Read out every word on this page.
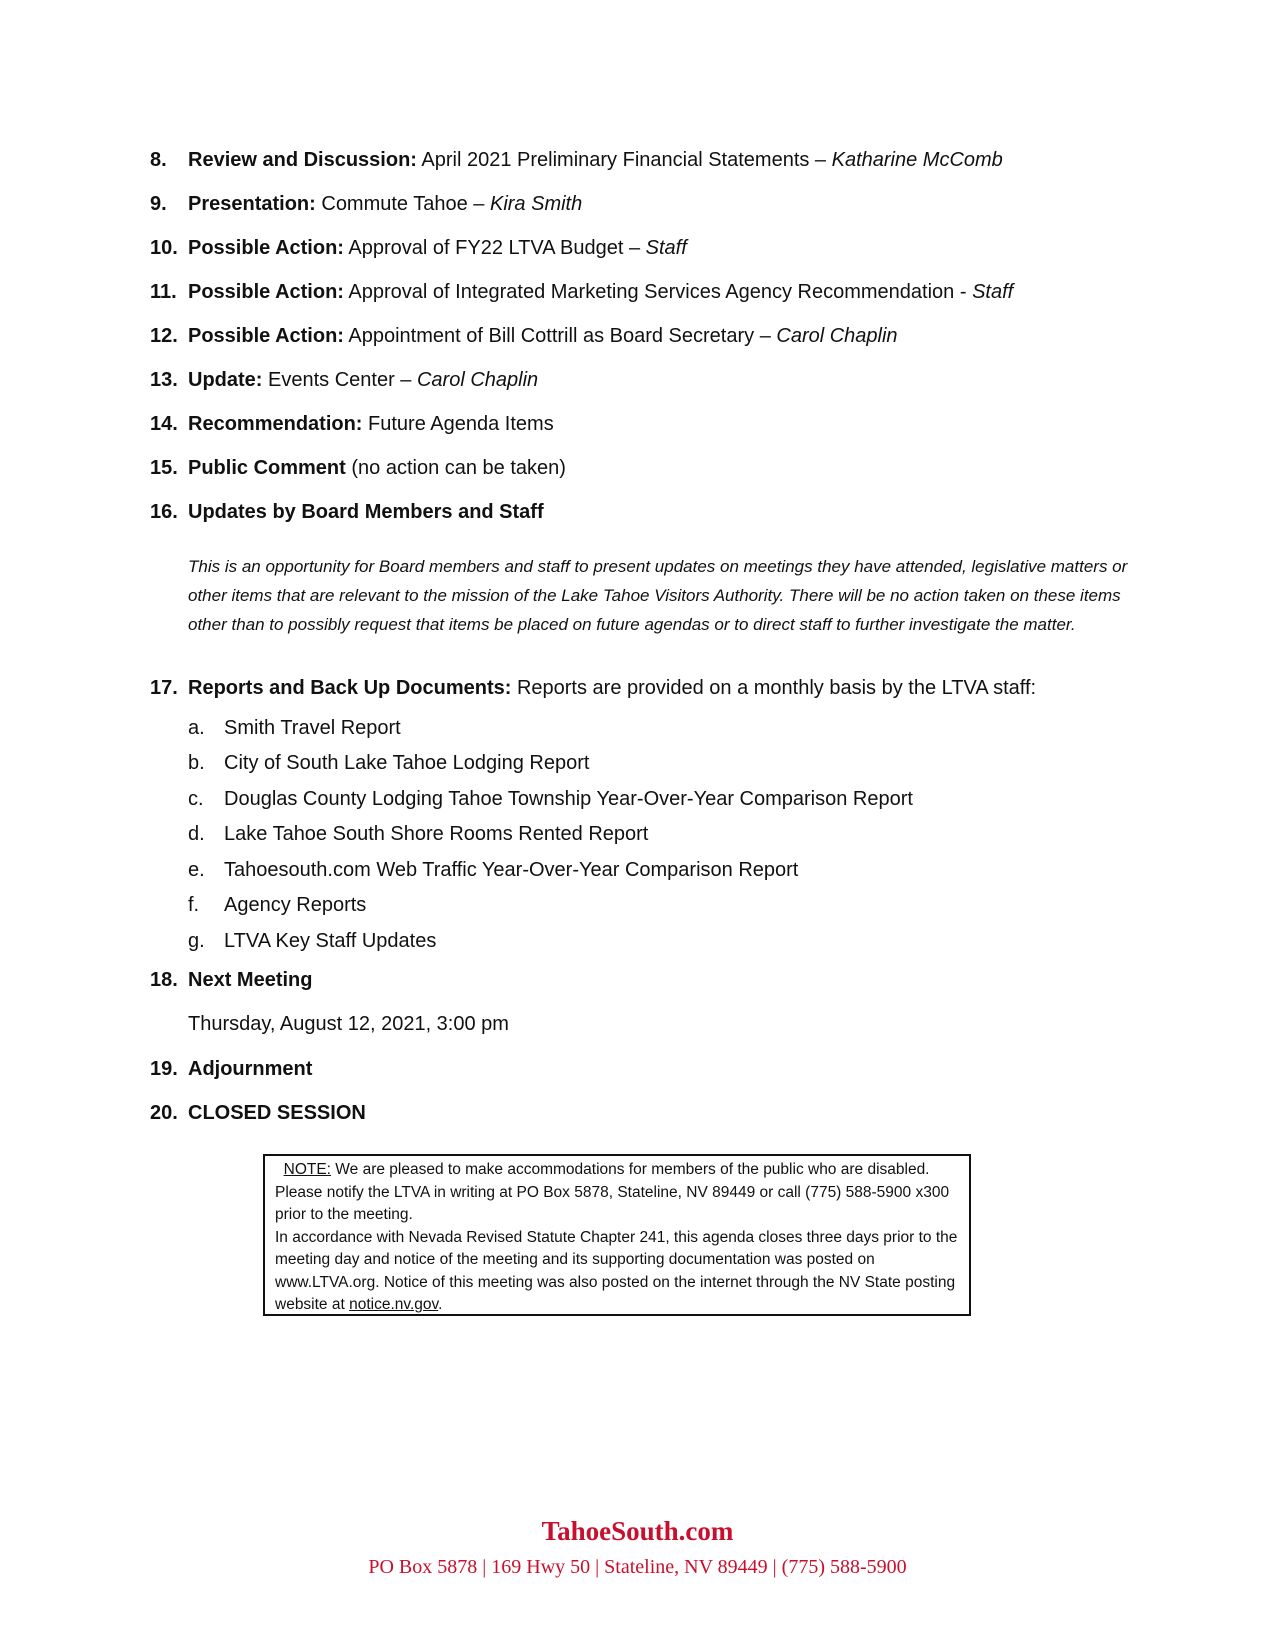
8. Review and Discussion: April 2021 Preliminary Financial Statements – Katharine McComb
9. Presentation: Commute Tahoe – Kira Smith
10. Possible Action: Approval of FY22 LTVA Budget – Staff
11. Possible Action: Approval of Integrated Marketing Services Agency Recommendation - Staff
12. Possible Action: Appointment of Bill Cottrill as Board Secretary – Carol Chaplin
13. Update: Events Center – Carol Chaplin
14. Recommendation: Future Agenda Items
15. Public Comment (no action can be taken)
16. Updates by Board Members and Staff
This is an opportunity for Board members and staff to present updates on meetings they have attended, legislative matters or other items that are relevant to the mission of the Lake Tahoe Visitors Authority. There will be no action taken on these items other than to possibly request that items be placed on future agendas or to direct staff to further investigate the matter.
17. Reports and Back Up Documents: Reports are provided on a monthly basis by the LTVA staff:
a. Smith Travel Report
b. City of South Lake Tahoe Lodging Report
c. Douglas County Lodging Tahoe Township Year-Over-Year Comparison Report
d. Lake Tahoe South Shore Rooms Rented Report
e. Tahoesouth.com Web Traffic Year-Over-Year Comparison Report
f. Agency Reports
g. LTVA Key Staff Updates
18. Next Meeting
Thursday, August 12, 2021, 3:00 pm
19. Adjournment
20. CLOSED SESSION
NOTE: We are pleased to make accommodations for members of the public who are disabled. Please notify the LTVA in writing at PO Box 5878, Stateline, NV 89449 or call (775) 588-5900 x300 prior to the meeting.
In accordance with Nevada Revised Statute Chapter 241, this agenda closes three days prior to the meeting day and notice of the meeting and its supporting documentation was posted on www.LTVA.org. Notice of this meeting was also posted on the internet through the NV State posting website at notice.nv.gov.
TahoeSouth.com
PO Box 5878 | 169 Hwy 50 | Stateline, NV 89449 | (775) 588-5900
